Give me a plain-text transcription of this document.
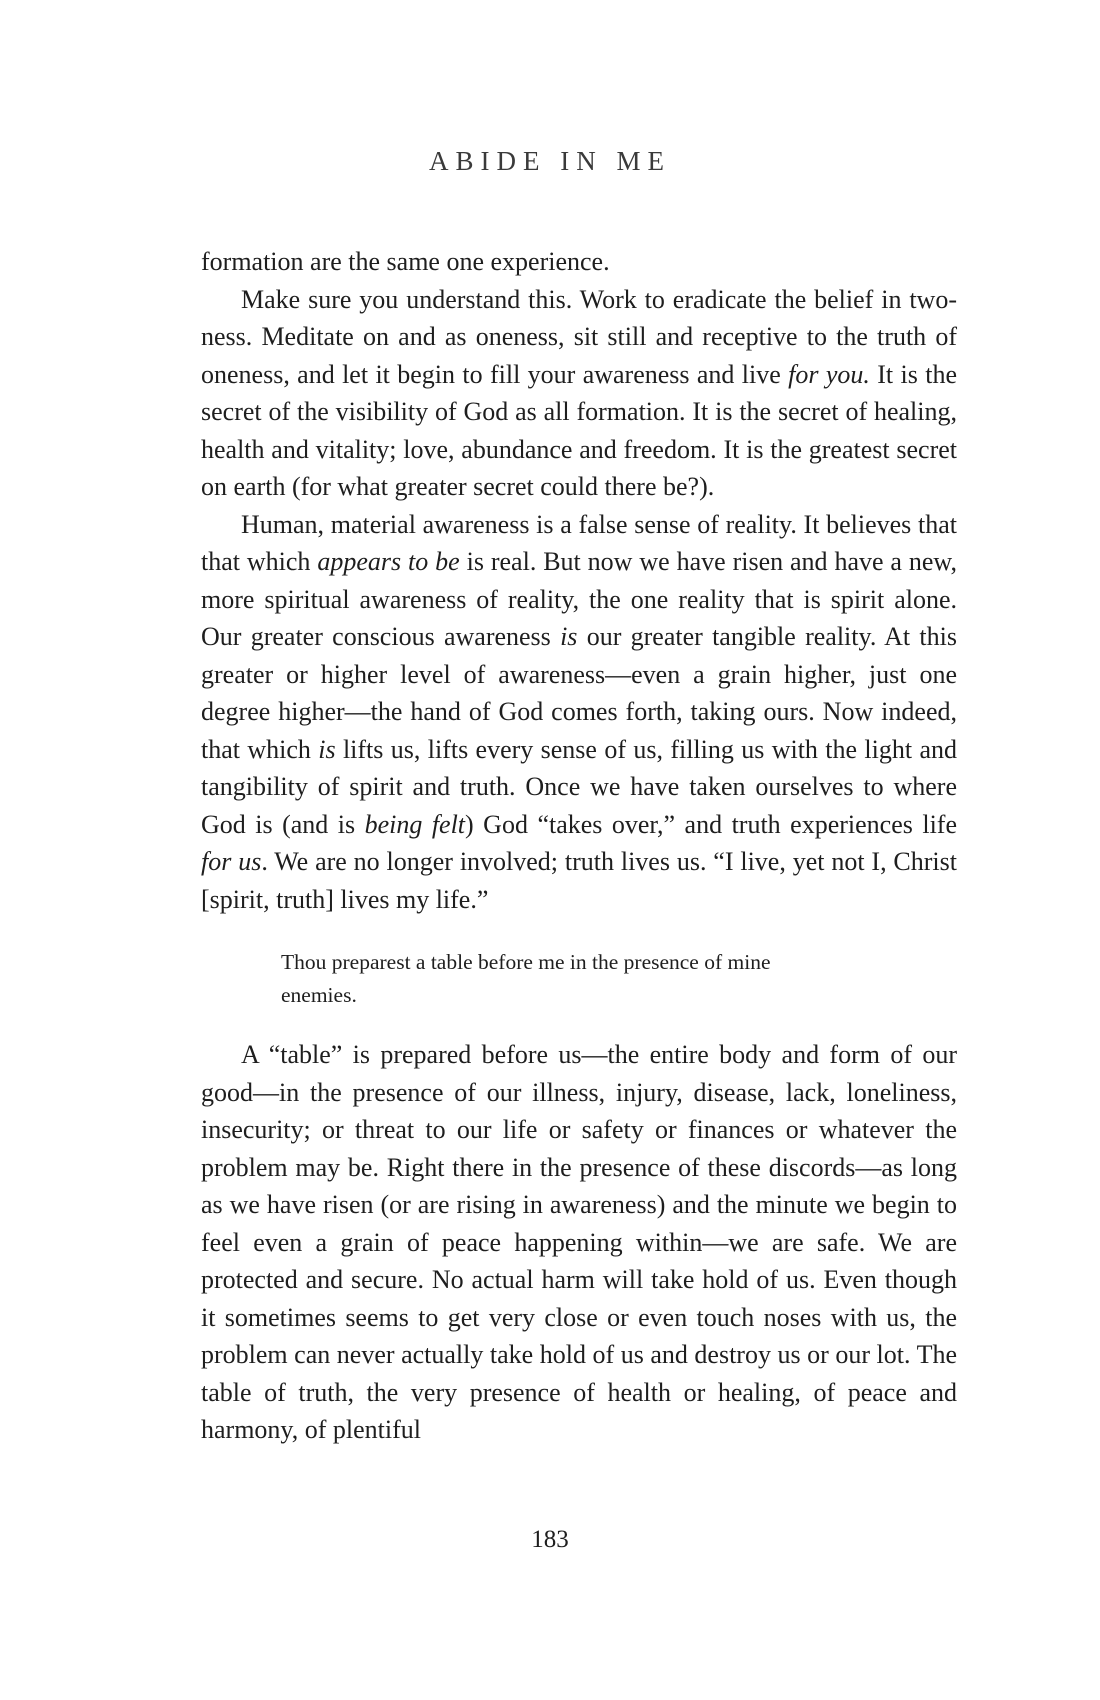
ABIDE IN ME

formation are the same one experience.

Make sure you understand this. Work to eradicate the belief in two-ness. Meditate on and as oneness, sit still and receptive to the truth of oneness, and let it begin to fill your awareness and live for you. It is the secret of the visibility of God as all formation. It is the secret of healing, health and vitality; love, abundance and freedom. It is the greatest secret on earth (for what greater secret could there be?).

Human, material awareness is a false sense of reality. It believes that that which appears to be is real. But now we have risen and have a new, more spiritual awareness of reality, the one reality that is spirit alone. Our greater conscious awareness is our greater tangible reality. At this greater or higher level of awareness—even a grain higher, just one degree higher—the hand of God comes forth, taking ours. Now indeed, that which is lifts us, lifts every sense of us, filling us with the light and tangibility of spirit and truth. Once we have taken ourselves to where God is (and is being felt) God “takes over,” and truth experiences life for us. We are no longer involved; truth lives us. “I live, yet not I, Christ [spirit, truth] lives my life.”

Thou preparest a table before me in the presence of mine enemies.

A “table” is prepared before us—the entire body and form of our good—in the presence of our illness, injury, disease, lack, loneliness, insecurity; or threat to our life or safety or finances or whatever the problem may be. Right there in the presence of these discords—as long as we have risen (or are rising in awareness) and the minute we begin to feel even a grain of peace happening within—we are safe. We are protected and secure. No actual harm will take hold of us. Even though it sometimes seems to get very close or even touch noses with us, the problem can never actually take hold of us and destroy us or our lot. The table of truth, the very presence of health or healing, of peace and harmony, of plentiful

183
